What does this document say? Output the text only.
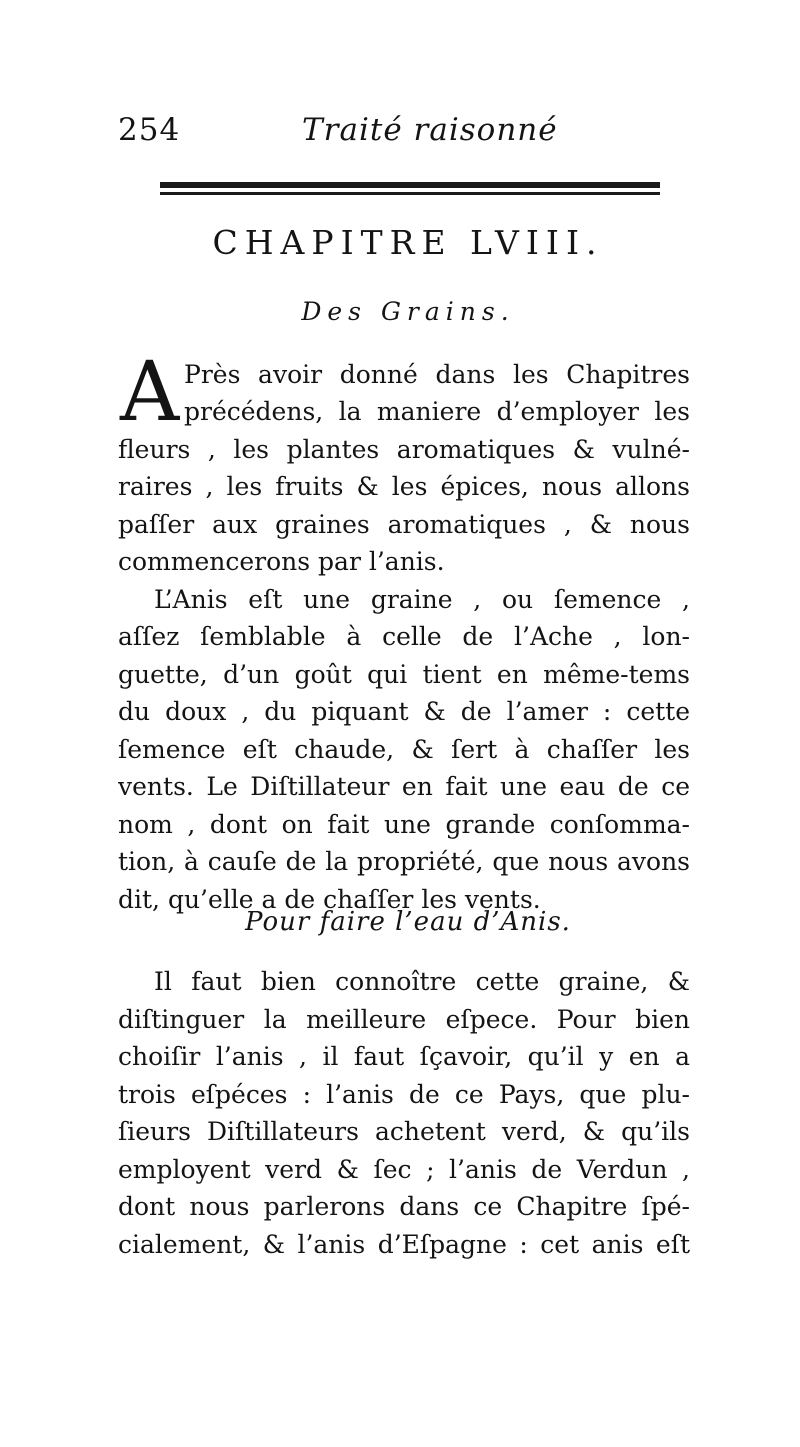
254	Traité raisonné
CHAPITRE LVIII.
Des Grains.
A Près avoir donné dans les Chapitres
précédens, la maniere d’employer les
fleurs , les plantes aromatiques & vulné-
raires , les fruits & les épices, nous allons
paſſer aux graines aromatiques , & nous
commencerons par l’anis.
L’Anis eſt une graine , ou ſemence ,
aſſez ſemblable à celle de l’Ache , lon-
guette, d’un goût qui tient en même-tems
du doux , du piquant & de l’amer : cette
ſemence eſt chaude, & ſert à chaſſer les
vents. Le Diſtillateur en fait une eau de ce
nom , dont on fait une grande conſomma-
tion, à cauſe de la propriété, que nous avons
dit, qu’elle a de chaſſer les vents.
Pour faire l’eau d’Anis.
Il faut bien connoître cette graine, &
diſtinguer la meilleure eſpece. Pour bien
choiſir l’anis , il faut ſçavoir, qu’il y en a
trois eſpéces : l’anis de ce Pays, que plu-
ſieurs Diſtillateurs achetent verd, & qu’ils
employent verd & ſec ; l’anis de Verdun ,
dont nous parlerons dans ce Chapitre ſpé-
cialement, & l’anis d’Eſpagne : cet anis eſt
